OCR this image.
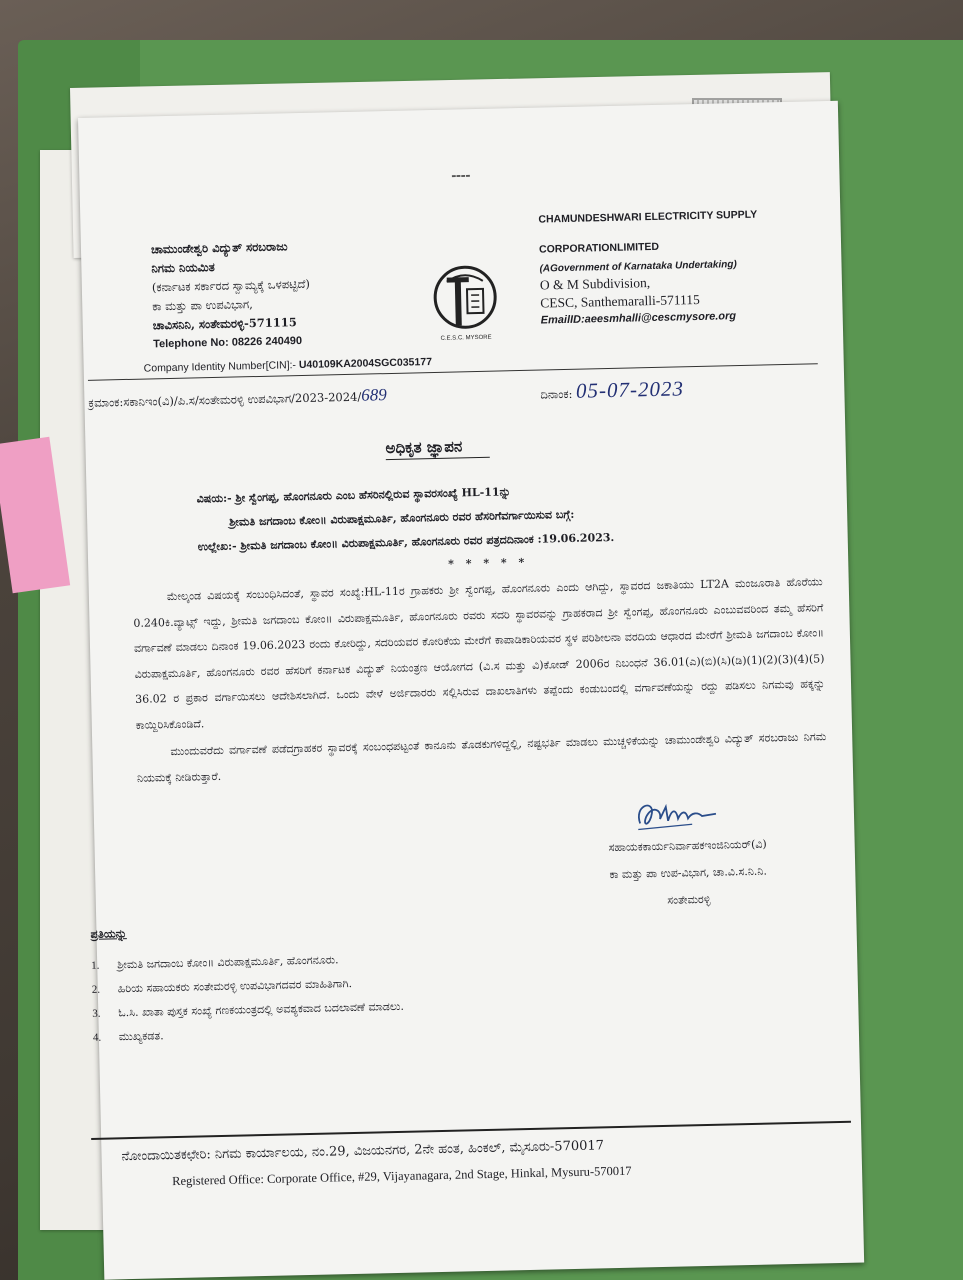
▬▬▬▬
ಚಾಮುಂಡೇಶ್ವರಿ ವಿದ್ಯುತ್ ಸರಬರಾಜು
ನಿಗಮ ನಿಯಮಿತ
(ಕರ್ನಾಟಕ ಸರ್ಕಾರದ ಸ್ವಾಮ್ಯಕ್ಕೆ ಒಳಪಟ್ಟಿದೆ)
ಕಾ ಮತ್ತು ಪಾ ಉಪವಿಭಾಗ,
ಚಾವಿಸನಿನಿ, ಸಂತೇಮರಳ್ಳಿ-571115
Telephone No: 08226 240490	C.E.S.C. MYSORE
CHAMUNDESHWARI ELECTRICITY SUPPLY
CORPORATIONLIMITED
(AGovernment of Karnataka Undertaking)
O & M Subdivision,
CESC, Santhemaralli-571115
EmailID:aeesmhalli@cescmysore.org
Company Identity Number[CIN]:- U40109KA2004SGC035177
ಕ್ರಮಾಂಕ:ಸಕಾನಿಇಂ(ವಿ)/ಪಿ.ಸ/ಸಂತೇಮರಳ್ಳಿ ಉಪವಿಭಾಗ/2023-2024/689	ದಿನಾಂಕ: 05-07-2023
ಅಧಿಕೃತ ಜ್ಞಾಪನ
ವಿಷಯ:- ಶ್ರೀ ಸ್ವೆಂಗಪ್ಪ, ಹೊಂಗನೂರು ಎಂಬ ಹೆಸರಿನಲ್ಲಿರುವ ಸ್ಥಾವರಸಂಖ್ಯೆ HL-11ನ್ನು
ಶ್ರೀಮತಿ ಜಗದಾಂಬ ಕೋಂ॥ ವಿರುಪಾಕ್ಷಮೂರ್ತಿ, ಹೊಂಗನೂರು ರವರ ಹೆಸರಿಗೆವರ್ಗಾಯಿಸುವ ಬಗ್ಗೆ:
ಉಲ್ಲೇಖ:- ಶ್ರೀಮತಿ ಜಗದಾಂಬ ಕೋಂ॥ ವಿರುಪಾಕ್ಷಮೂರ್ತಿ, ಹೊಂಗನೂರು ರವರ ಪತ್ರದದಿನಾಂಕ :19.06.2023.
* * * * *

ಮೇಲ್ಕಂಡ ವಿಷಯಕ್ಕೆ ಸಂಬಂಧಿಸಿದಂತೆ, ಸ್ಥಾವರ ಸಂಖ್ಯೆ:HL-11ರ ಗ್ರಾಹಕರು ಶ್ರೀ ಸ್ವೆಂಗಪ್ಪ, ಹೊಂಗನೂರು ಎಂದು ಆಗಿದ್ದು, ಸ್ಥಾವರದ ಜಕಾತಿಯು LT2A ಮಂಜೂರಾತಿ ಹೊರೆಯು 0.240ಕಿ.ವ್ಯಾಟ್ಸ್ ಇದ್ದು, ಶ್ರೀಮತಿ ಜಗದಾಂಬ ಕೋಂ॥ ವಿರುಪಾಕ್ಷಮೂರ್ತಿ, ಹೊಂಗನೂರು ರವರು ಸದರಿ ಸ್ಥಾವರವನ್ನು ಗ್ರಾಹಕರಾದ ಶ್ರೀ ಸ್ವೆಂಗಪ್ಪ, ಹೊಂಗನೂರು ಎಂಬುವವರಿಂದ ತಮ್ಮ ಹೆಸರಿಗೆ ವರ್ಗಾವಣೆ ಮಾಡಲು ದಿನಾಂಕ 19.06.2023 ರಂದು ಕೋರಿದ್ದು, ಸದರಿಯವರ ಕೋರಿಕೆಯ ಮೇರೆಗೆ ಕಾಪಾಡಿಕಾರಿಯವರ ಸ್ಥಳ ಪರಿಶೀಲನಾ ವರದಿಯ ಆಧಾರದ ಮೇರೆಗೆ ಶ್ರೀಮತಿ ಜಗದಾಂಬ ಕೋಂ॥ ವಿರುಪಾಕ್ಷಮೂರ್ತಿ, ಹೊಂಗನೂರು ರವರ ಹೆಸರಿಗೆ ಕರ್ನಾಟಕ ವಿದ್ಯುತ್ ನಿಯಂತ್ರಣ ಆಯೋಗದ (ವಿ.ಸ ಮತ್ತು ವಿ)ಕೋಡ್ 2006ರ ನಿಬಂಧನೆ 36.01(ಎ)(ಬಿ)(ಸಿ)(ಡಿ)(1)(2)(3)(4)(5) 36.02 ರ ಪ್ರಕಾರ ವರ್ಗಾಯಿಸಲು ಆದೇಶಿಸಲಾಗಿದೆ. ಒಂದು ವೇಳೆ ಅರ್ಜಿದಾರರು ಸಲ್ಲಿಸಿರುವ ದಾಖಲಾತಿಗಳು ತಪ್ಪೆಂದು ಕಂಡುಬಂದಲ್ಲಿ ವರ್ಗಾವಣೆಯನ್ನು ರದ್ದು ಪಡಿಸಲು ನಿಗಮವು ಹಕ್ಕನ್ನು ಕಾಯ್ದಿರಿಸಿಕೊಂಡಿದೆ.

ಮುಂದುವರೆದು ವರ್ಗಾವಣೆ ಪಡೆದಗ್ರಾಹಕರ ಸ್ಥಾವರಕ್ಕೆ ಸಂಬಂಧಪಟ್ಟಂತೆ ಕಾನೂನು ತೊಡಕುಗಳಿದ್ದಲ್ಲಿ, ನಷ್ಟಭರ್ತಿ ಮಾಡಲು ಮುಚ್ಚಳಿಕೆಯನ್ನು ಚಾಮುಂಡೇಶ್ವರಿ ವಿದ್ಯುತ್ ಸರಬರಾಜು ನಿಗಮ ನಿಯಮಕ್ಕೆ ನೀಡಿರುತ್ತಾರೆ.

ಸಹಾಯಕಕಾರ್ಯನಿರ್ವಾಹಕಇಂಜಿನಿಯರ್(ವಿ)
ಕಾ ಮತ್ತು ಪಾ ಉಪ-ವಿಭಾಗ, ಚಾ.ವಿ.ಸ.ನಿ.ನಿ.
ಸಂತೇಮರಳ್ಳಿ
ಪ್ರತಿಯನ್ನು
1. ಶ್ರೀಮತಿ ಜಗದಾಂಬ ಕೋಂ॥ ವಿರುಪಾಕ್ಷಮೂರ್ತಿ, ಹೊಂಗನೂರು.
2. ಹಿರಿಯ ಸಹಾಯಕರು ಸಂತೇಮರಳ್ಳಿ ಉಪವಿಭಾಗದವರ ಮಾಹಿತಿಗಾಗಿ.
3. ಓ.ಸಿ. ಖಾತಾ ಪುಸ್ತಕ ಸಂಖ್ಯೆ ಗಣಕಯಂತ್ರದಲ್ಲಿ ಅವಶ್ಯಕವಾದ ಬದಲಾವಣೆ ಮಾಡಲು.
4. ಮುಖ್ಯಕಡತ.
ನೋಂದಾಯಿತಕಛೇರಿ: ನಿಗಮ ಕಾರ್ಯಾಲಯ, ನಂ.29, ವಿಜಯನಗರ, 2ನೇ ಹಂತ, ಹಿಂಕಲ್, ಮೈಸೂರು-570017
Registered Office: Corporate Office, #29, Vijayanagara, 2nd Stage, Hinkal, Mysuru-570017
